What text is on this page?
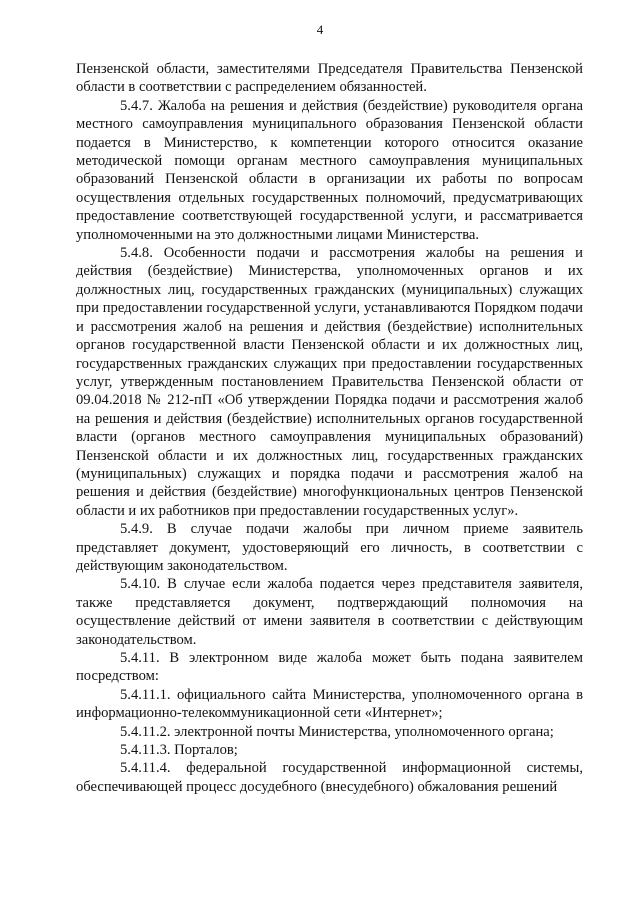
4

Пензенской области, заместителями Председателя Правительства Пензенской области в соответствии с распределением обязанностей.

5.4.7. Жалоба на решения и действия (бездействие) руководителя органа местного самоуправления муниципального образования Пензенской области подается в Министерство, к компетенции которого относится оказание методической помощи органам местного самоуправления муниципальных образований Пензенской области в организации их работы по вопросам осуществления отдельных государственных полномочий, предусматривающих предоставление соответствующей государственной услуги, и рассматривается уполномоченными на это должностными лицами Министерства.

5.4.8. Особенности подачи и рассмотрения жалобы на решения и действия (бездействие) Министерства, уполномоченных органов и их должностных лиц, государственных гражданских (муниципальных) служащих при предоставлении государственной услуги, устанавливаются Порядком подачи и рассмотрения жалоб на решения и действия (бездействие) исполнительных органов государственной власти Пензенской области и их должностных лиц, государственных гражданских служащих при предоставлении государственных услуг, утвержденным постановлением Правительства Пензенской области от 09.04.2018 № 212-пП «Об утверждении Порядка подачи и рассмотрения жалоб на решения и действия (бездействие) исполнительных органов государственной власти (органов местного самоуправления муниципальных образований) Пензенской области и их должностных лиц, государственных гражданских (муниципальных) служащих и порядка подачи и рассмотрения жалоб на решения и действия (бездействие) многофункциональных центров Пензенской области и их работников при предоставлении государственных услуг».

5.4.9. В случае подачи жалобы при личном приеме заявитель представляет документ, удостоверяющий его личность, в соответствии с действующим законодательством.

5.4.10. В случае если жалоба подается через представителя заявителя, также представляется документ, подтверждающий полномочия на осуществление действий от имени заявителя в соответствии с действующим законодательством.

5.4.11. В электронном виде жалоба может быть подана заявителем посредством:

5.4.11.1. официального сайта Министерства, уполномоченного органа в информационно-телекоммуникационной сети «Интернет»;

5.4.11.2. электронной почты Министерства, уполномоченного органа;

5.4.11.3. Порталов;

5.4.11.4. федеральной государственной информационной системы, обеспечивающей процесс досудебного (внесудебного) обжалования решений
